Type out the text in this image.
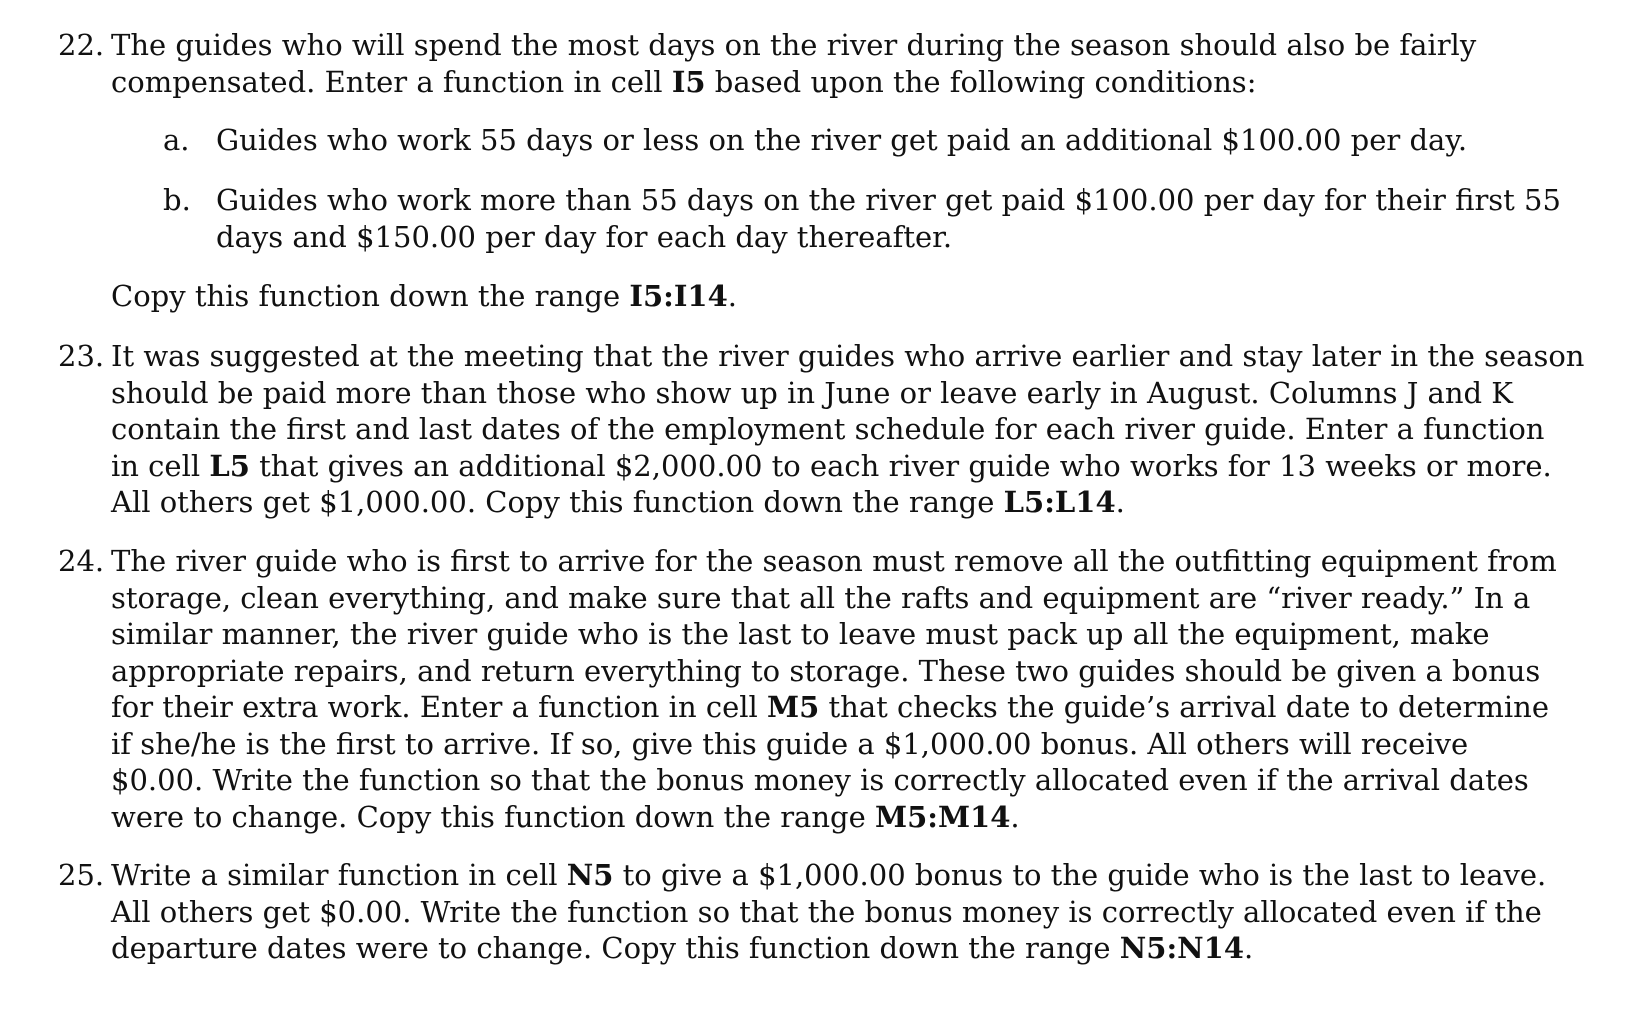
22. The guides who will spend the most days on the river during the season should also be fairly
compensated. Enter a function in cell I5 based upon the following conditions:
a. Guides who work 55 days or less on the river get paid an additional $100.00 per day.
b. Guides who work more than 55 days on the river get paid $100.00 per day for their first 55
days and $150.00 per day for each day thereafter.
Copy this function down the range I5:I14.
23. It was suggested at the meeting that the river guides who arrive earlier and stay later in the season
should be paid more than those who show up in June or leave early in August. Columns J and K
contain the first and last dates of the employment schedule for each river guide. Enter a function
in cell L5 that gives an additional $2,000.00 to each river guide who works for 13 weeks or more.
All others get $1,000.00. Copy this function down the range L5:L14.
24. The river guide who is first to arrive for the season must remove all the outfitting equipment from
storage, clean everything, and make sure that all the rafts and equipment are “river ready.” In a
similar manner, the river guide who is the last to leave must pack up all the equipment, make
appropriate repairs, and return everything to storage. These two guides should be given a bonus
for their extra work. Enter a function in cell M5 that checks the guide’s arrival date to determine
if she/he is the first to arrive. If so, give this guide a $1,000.00 bonus. All others will receive
$0.00. Write the function so that the bonus money is correctly allocated even if the arrival dates
were to change. Copy this function down the range M5:M14.
25. Write a similar function in cell N5 to give a $1,000.00 bonus to the guide who is the last to leave.
All others get $0.00. Write the function so that the bonus money is correctly allocated even if the
departure dates were to change. Copy this function down the range N5:N14.
